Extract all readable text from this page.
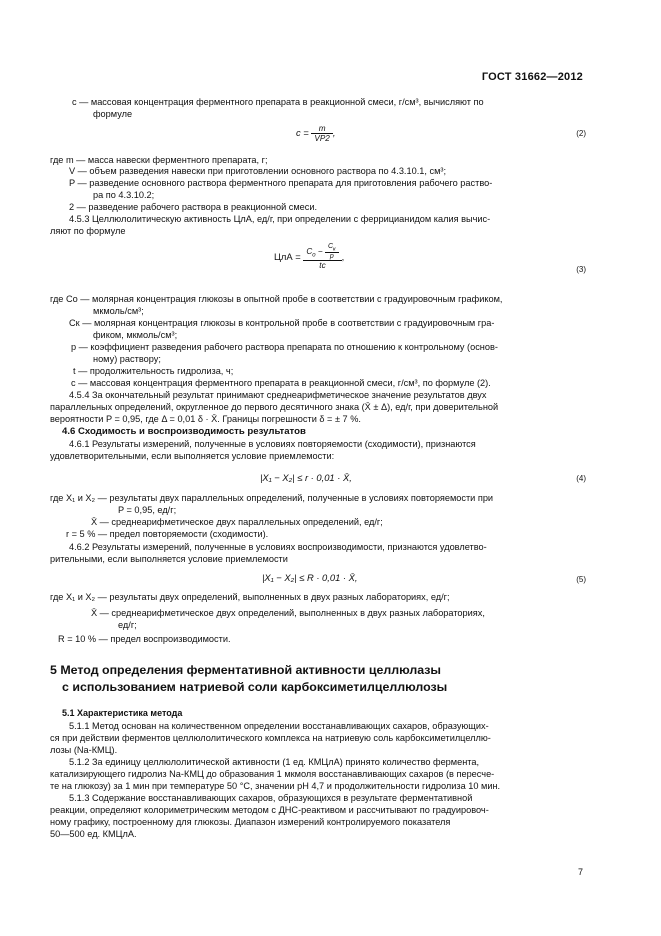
ГОСТ 31662—2012
c — массовая концентрация ферментного препарата в реакционной смеси, г/см³, вычисляют по
формуле
$c = \frac{m}{VP2}$ ,	(2)
где m — масса навески ферментного препарата, г;
V — объем разведения навески при приготовлении основного раствора по 4.3.10.1, см³;
P — разведение основного раствора ферментного препарата для приготовления рабочего раство-
ра по 4.3.10.2;
2 — разведение рабочего раствора в реакционной смеси.
4.5.3 Целлюлолитическую активность ЦлА, ед/г, при определении с феррицианидом калия вычис-
ляют по формуле
ЦлА = $\frac{C_о - \frac{C_к}{p}}{tc}$ ,
(3)
где Cо — молярная концентрация глюкозы в опытной пробе в соответствии с градуировочным графиком,
мкмоль/см³;
Cк — молярная концентрация глюкозы в контрольной пробе в соответствии с градуировочным гра-
фиком, мкмоль/см³;
p — коэффициент разведения рабочего раствора препарата по отношению к контрольному (основ-
ному) раствору;
t — продолжительность гидролиза, ч;
c — массовая концентрация ферментного препарата в реакционной смеси, г/см³, по формуле (2).
4.5.4 За окончательный результат принимают среднеарифметическое значение результатов двух
параллельных определений, округленное до первого десятичного знака (X̄ ± Δ), ед/г, при доверительной
вероятности P = 0,95, где Δ = 0,01 δ · X̄. Границы погрешности δ = ± 7 %.
4.6 Сходимость и воспроизводимость результатов
4.6.1 Результаты измерений, полученные в условиях повторяемости (сходимости), признаются
удовлетворительными, если выполняется условие приемлемости:
|X₁ − X₂| ≤ r · 0,01 · X̄,	(4)
где X₁ и X₂ — результаты двух параллельных определений, полученные в условиях повторяемости при
P = 0,95, ед/г;
X̄ — среднеарифметическое двух параллельных определений, ед/г;
r = 5 % — предел повторяемости (сходимости).
4.6.2 Результаты измерений, полученные в условиях воспроизводимости, признаются удовлетво-
рительными, если выполняется условие приемлемости
|X₁ − X₂| ≤ R · 0,01 · X̄,	(5)
где X₁ и X₂ — результаты двух определений, выполненных в двух разных лабораториях, ед/г;
X̄ — среднеарифметическое двух определений, выполненных в двух разных лабораториях,
ед/г;
R = 10 % — предел воспроизводимости.
5 Метод определения ферментативной активности целлюлазы
с использованием натриевой соли карбоксиметилцеллюлозы
5.1 Характеристика метода
5.1.1 Метод основан на количественном определении восстанавливающих сахаров, образующих-
ся при действии ферментов целлюлолитического комплекса на натриевую соль карбоксиметилцеллю-
лозы (Na-КМЦ).
5.1.2 За единицу целлюлолитической активности (1 ед. КМЦлА) принято количество фермента,
катализирующего гидролиз Na-КМЦ до образования 1 мкмоля восстанавливающих сахаров (в пересче-
те на глюкозу) за 1 мин при температуре 50 °С, значении pH 4,7 и продолжительности гидролиза 10 мин.
5.1.3 Содержание восстанавливающих сахаров, образующихся в результате ферментативной
реакции, определяют колориметрическим методом с ДНС-реактивом и рассчитывают по градуировоч-
ному графику, построенному для глюкозы. Диапазон измерений контролируемого показателя
50—500 ед. КМЦлА.
7
